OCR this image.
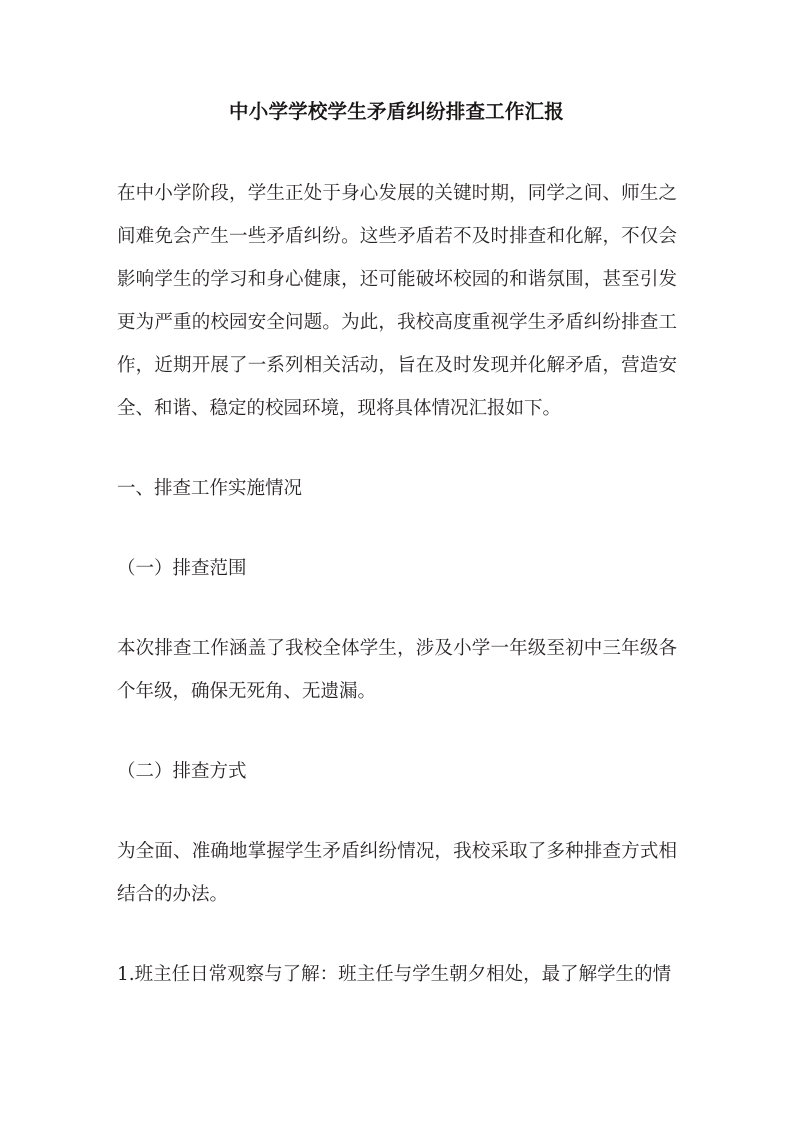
中小学学校学生矛盾纠纷排查工作汇报

在中小学阶段，学生正处于身心发展的关键时期，同学之间、师生之间难免会产生一些矛盾纠纷。这些矛盾若不及时排查和化解，不仅会影响学生的学习和身心健康，还可能破坏校园的和谐氛围，甚至引发更为严重的校园安全问题。为此，我校高度重视学生矛盾纠纷排查工作，近期开展了一系列相关活动，旨在及时发现并化解矛盾，营造安全、和谐、稳定的校园环境，现将具体情况汇报如下。

一、排查工作实施情况

（一）排查范围

本次排查工作涵盖了我校全体学生，涉及小学一年级至初中三年级各个年级，确保无死角、无遗漏。

（二）排查方式

为全面、准确地掌握学生矛盾纠纷情况，我校采取了多种排查方式相结合的办法。

1.班主任日常观察与了解：班主任与学生朝夕相处，最了解学生的情
